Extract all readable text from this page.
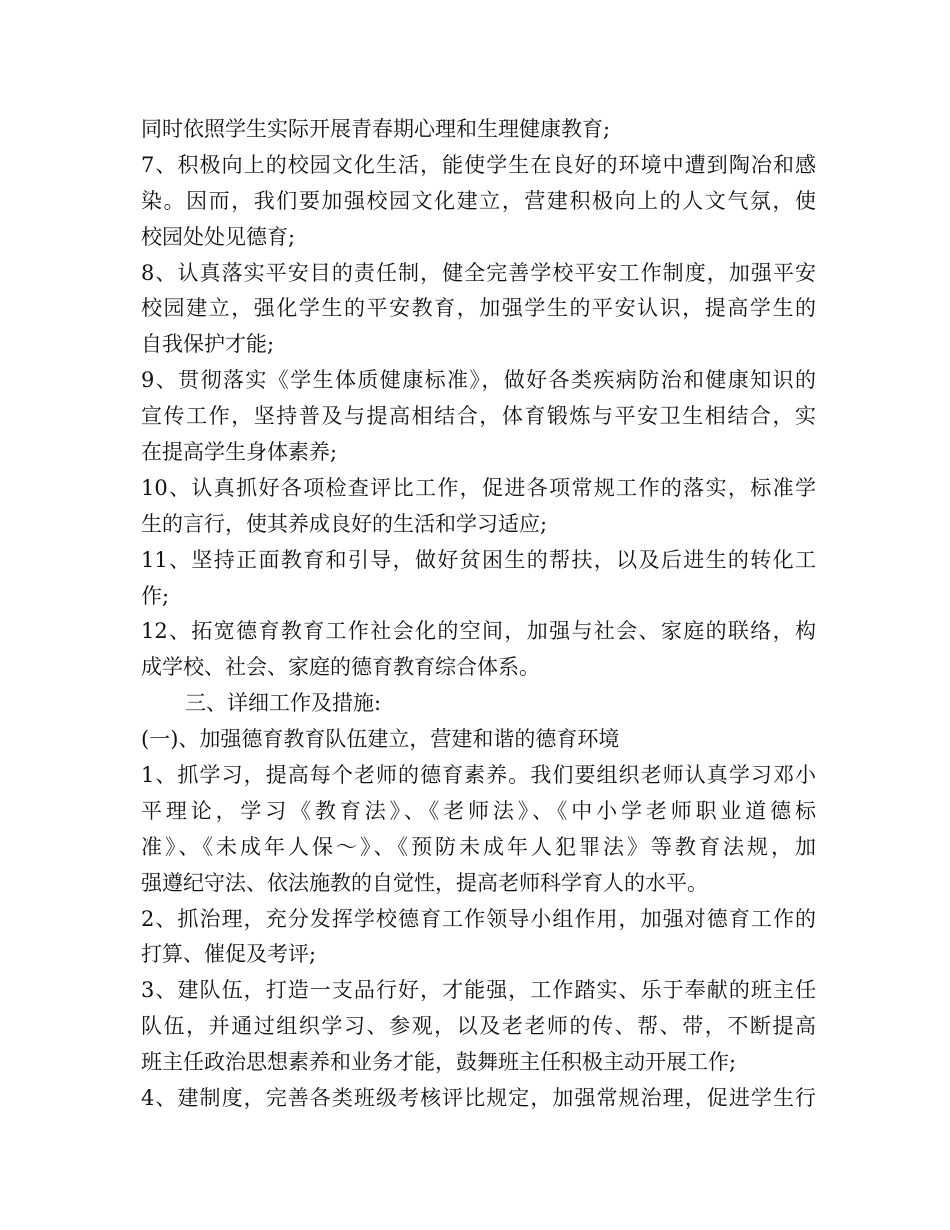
同时依照学生实际开展青春期心理和生理健康教育;
7、积极向上的校园文化生活，能使学生在良好的环境中遭到陶冶和感
染。因而，我们要加强校园文化建立，营建积极向上的人文气氛，使
校园处处见德育;
8、认真落实平安目的责任制，健全完善学校平安工作制度，加强平安
校园建立，强化学生的平安教育，加强学生的平安认识，提高学生的
自我保护才能;
9、贯彻落实《学生体质健康标准》，做好各类疾病防治和健康知识的
宣传工作，坚持普及与提高相结合，体育锻炼与平安卫生相结合，实
在提高学生身体素养;
10、认真抓好各项检查评比工作，促进各项常规工作的落实，标准学
生的言行，使其养成良好的生活和学习适应;
11、坚持正面教育和引导，做好贫困生的帮扶，以及后进生的转化工
作;
12、拓宽德育教育工作社会化的空间，加强与社会、家庭的联络，构
成学校、社会、家庭的德育教育综合体系。
三、详细工作及措施:
(一)、加强德育教育队伍建立，营建和谐的德育环境
1、抓学习，提高每个老师的德育素养。我们要组织老师认真学习邓小
平理论，学习《教育法》、《老师法》、《中小学老师职业道德标
准》、《未成年人保～》、《预防未成年人犯罪法》等教育法规，加
强遵纪守法、依法施教的自觉性，提高老师科学育人的水平。
2、抓治理，充分发挥学校德育工作领导小组作用，加强对德育工作的
打算、催促及考评;
3、建队伍，打造一支品行好，才能强，工作踏实、乐于奉献的班主任
队伍，并通过组织学习、参观，以及老老师的传、帮、带，不断提高
班主任政治思想素养和业务才能，鼓舞班主任积极主动开展工作;
4、建制度，完善各类班级考核评比规定，加强常规治理，促进学生行
